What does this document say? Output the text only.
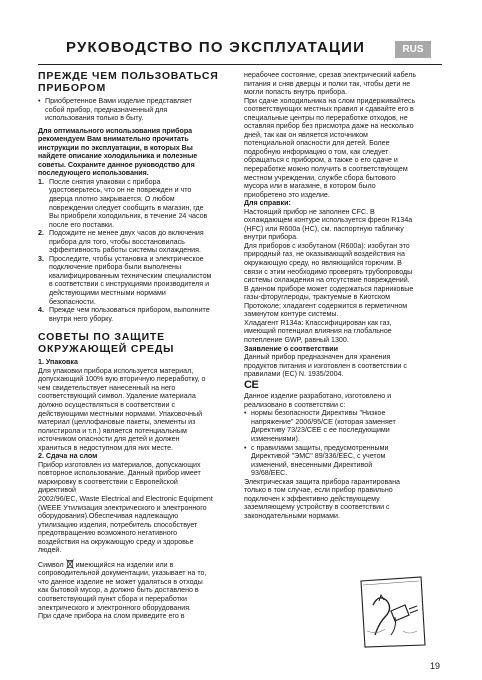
РУКОВОДСТВО ПО ЭКСПЛУАТАЦИИ	RUS
ПРЕЖДЕ ЧЕМ ПОЛЬЗОВАТЬСЯ
ПРИБОРОМ
• Приобретенное Вами изделие представляет
собой прибор, предназначенный для
использования только в быту.
Для оптимального использования прибора
рекомендуем Вам внимательно прочитать
инструкции по эксплуатации, в которых Вы
найдете описание холодильника и полезные
советы. Сохраните данное руководство для
последующего использования.
1. После снятия упаковки с прибора
удостоверьтесь, что он не поврежден и что
дверца плотно закрывается. О любом
повреждении следует сообщить в магазин, где
Вы приобрели холодильник, в течение 24 часов
после его поставки.
2. Подождите не менее двух часов до включения
прибора для того, чтобы восстановилась
эффективность работы системы охлаждения.
3. Проследите, чтобы установка и электрическое
подключение прибора были выполнены
квалифицированным техническим специалистом
в соответствии с инструкциями производителя и
действующими местными нормами
безопасности.
4. Прежде чем пользоваться прибором, выполните
внутри него уборку.
СОВЕТЫ ПО ЗАЩИТЕ
ОКРУЖАЮЩЕЙ СРЕДЫ
1. Упаковка
Для упаковки прибора используется материал,
допускающий 100% вую вторичную переработку, о
чем свидетельствует нанесенный на него
соответствующий символ. Удаление материала
должно осуществляться в соответствии с
действующими местными нормами. Упаковочный
материал (целлофановые пакеты, элементы из
полистирола и т.п.) является потенциальным
источником опасности для детей и должен
храниться в недоступном для них месте.
2. Сдача на слом
Прибор изготовлен из материалов, допускающих
повторное использование. Данный прибор имеет
маркировку в соответствии с Европейской
директивой
2002/96/EC, Waste Electrical and Electronic Equipment
(WEEE Утилизация электрического и электронного
оборудования).Обеспечивая надлежащую
утилизацию изделия, потребитель способствует
предотвращению возможного негативного
воздействия на окружающую среду и здоровье
людей.
Символ имеющийся на изделии или в
сопроводительной документации, указывает на то,
что данное изделие не может удаляться в отходы
как бытовой мусор, а должно быть доставлено в
соответствующий пункт сбора и переработки
электрического и электронного оборудования.
При сдаче прибора на слом приведите его в
нерабочее состояние, срезав электрический кабель
питания и сняв дверцы и полки так, чтобы дети не
могли попасть внутрь прибора.
При сдаче холодильника на слом придерживайтесь
соответствующих местных правил и сдавайте его в
специальные центры по переработке отходов, не
оставляя прибор без присмотра даже на несколько
дней, так как он является источником
потенциальной опасности для детей. Более
подробную информацию о том, как следует
обращаться с прибором, а также о его сдаче и
переработке можно получить в соответствующем
местном учреждении, службе сбора бытового
мусора или в магазине, в котором было
приобретено это изделие.
Для справки:
Настоящий прибор не заполнен CFC. В
охлаждающем контуре используется фреон R134a
(HFC) или R600a (HC), см. паспортную табличку
внутри прибора.
Для приборов с изобутаном (R600a): изобутан это
природный газ, не оказывающий воздействия на
окружающую среду, но являющийся горючим. В
связи с этим необходимо проверять трубопроводы
системы охлаждения на отсутствие повреждений.
В данном приборе может содержаться парниковые
газы-фторуглероды, трактуемые в Киотском
Протоколе; хладагент содержится в герметичном
замкнутом контуре системы.
Хладагент R134a: Классифицирован как газ,
имеющий потенциал влияния на глобальное
потепление GWP, равный 1300.
Заявление о соответствии
Данный прибор предназначен для хранения
продуктов питания и изготовлен в соответствии с
правилами (EC) N. 1935/2004.
CE
Данное изделие разработано, изготовлено и
реализовано в соответствии с:
• нормы безопасности Директивы "Низкое
напряжение" 2006/95/CE (которая заменяет
Директиву 73/23/CEE с ее последующими
изменениями).
• с правилами защиты, предусмотренными
Директивой "ЭМС" 89/336/EEC, с учетом
изменений, внесенными Директивой
93/68/EEC.
Электрическая защита прибора гарантирована
только в том случае, если прибор правильно
подключен к эффективно действующему
заземляющему устройству в соответствии с
законодательными нормами.
19
